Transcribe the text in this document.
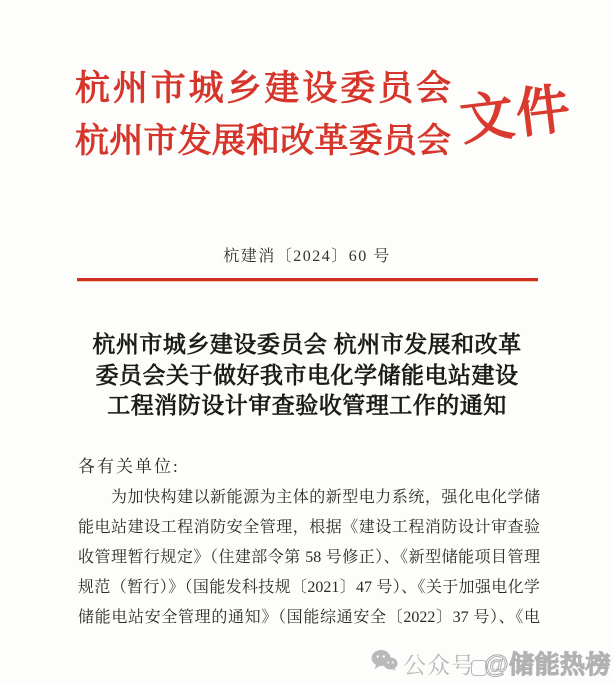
杭州市城乡建设委员会
杭州市发展和改革委员会 文件
杭建消〔2024〕60 号
杭州市城乡建设委员会 杭州市发展和改革
委员会关于做好我市电化学储能电站建设
工程消防设计审查验收管理工作的通知
各有关单位:
为加快构建以新能源为主体的新型电力系统，强化电化学储
能电站建设工程消防安全管理，根据《建设工程消防设计审查验
收管理暂行规定》（住建部令第 58 号修正）、《新型储能项目管理
规范（暂行）》（国能发科技规〔2021〕47 号）、《关于加强电化学
储能电站安全管理的通知》（国能综通安全〔2022〕37 号）、《电
公众号 @储能热榜
